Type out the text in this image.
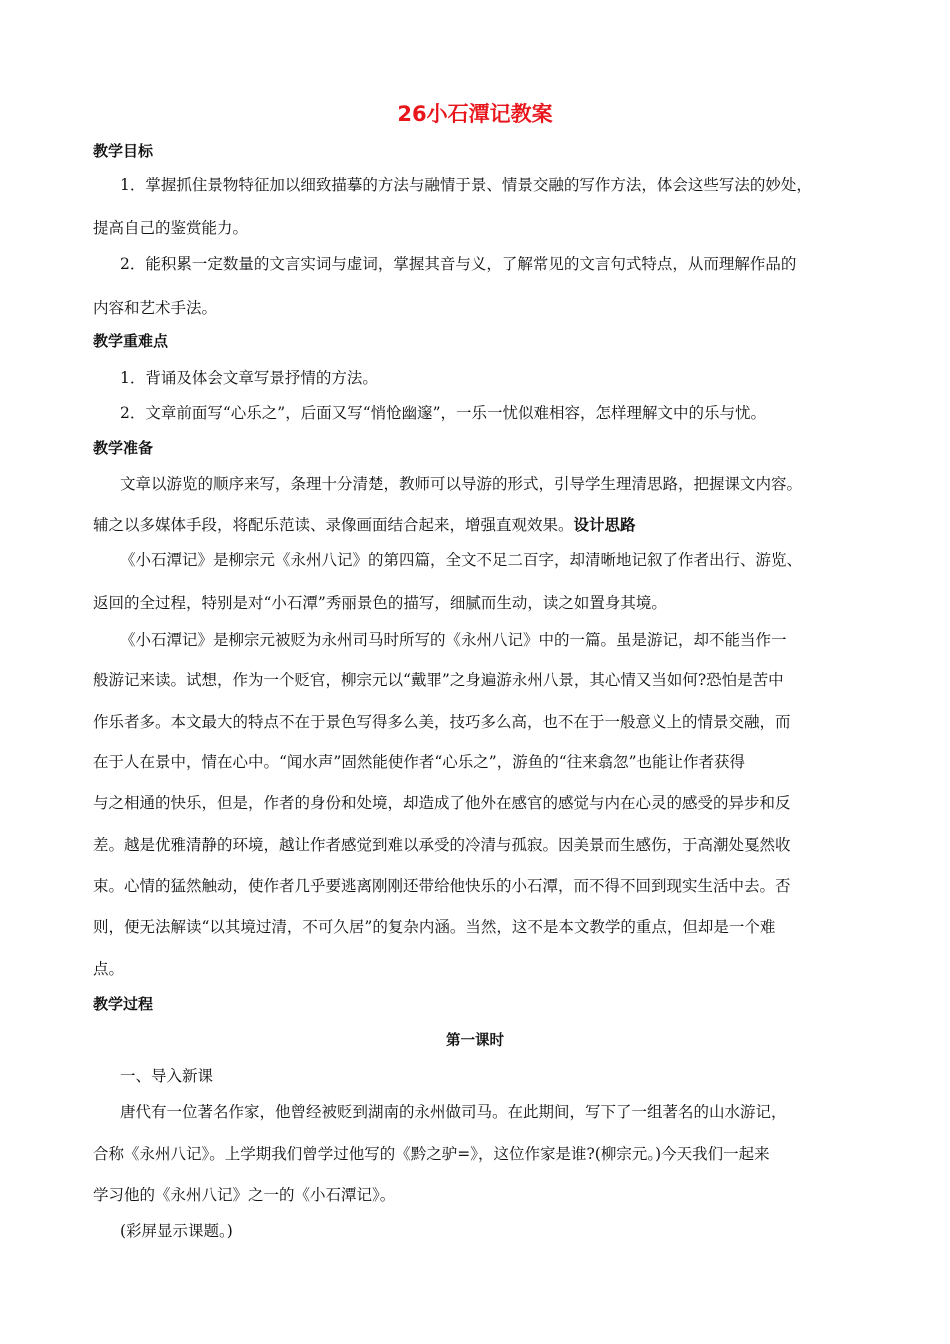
26小石潭记教案
教学目标
1．掌握抓住景物特征加以细致描摹的方法与融情于景、情景交融的写作方法，体会这些写法的妙处，
提高自己的鉴赏能力。
2．能积累一定数量的文言实词与虚词，掌握其音与义，了解常见的文言句式特点，从而理解作品的
内容和艺术手法。
教学重难点
1．背诵及体会文章写景抒情的方法。
2．文章前面写“心乐之”，后面又写“悄怆幽邃”，一乐一忧似难相容，怎样理解文中的乐与忧。
教学准备
文章以游览的顺序来写，条理十分清楚，教师可以导游的形式，引导学生理清思路，把握课文内容。
辅之以多媒体手段，将配乐范读、录像画面结合起来，增强直观效果。设计思路
《小石潭记》是柳宗元《永州八记》的第四篇，全文不足二百字，却清晰地记叙了作者出行、游览、
返回的全过程，特别是对“小石潭”秀丽景色的描写，细腻而生动，读之如置身其境。
《小石潭记》是柳宗元被贬为永州司马时所写的《永州八记》中的一篇。虽是游记，却不能当作一
般游记来读。试想，作为一个贬官，柳宗元以“戴罪”之身遍游永州八景，其心情又当如何?恐怕是苦中
作乐者多。本文最大的特点不在于景色写得多么美，技巧多么高，也不在于一般意义上的情景交融，而
在于人在景中，情在心中。“闻水声”固然能使作者“心乐之”，游鱼的“往来翕忽”也能让作者获得
与之相通的快乐，但是，作者的身份和处境，却造成了他外在感官的感觉与内在心灵的感受的异步和反
差。越是优雅清静的环境，越让作者感觉到难以承受的冷清与孤寂。因美景而生感伤，于高潮处戛然收
束。心情的猛然触动，使作者几乎要逃离刚刚还带给他快乐的小石潭，而不得不回到现实生活中去。否
则，便无法解读“以其境过清，不可久居”的复杂内涵。当然，这不是本文教学的重点，但却是一个难
点。
教学过程
第一课时
一、导入新课
唐代有一位著名作家，他曾经被贬到湖南的永州做司马。在此期间，写下了一组著名的山水游记，
合称《永州八记》。上学期我们曾学过他写的《黔之驴=》，这位作家是谁?(柳宗元。)今天我们一起来
学习他的《永州八记》之一的《小石潭记》。
(彩屏显示课题。)
